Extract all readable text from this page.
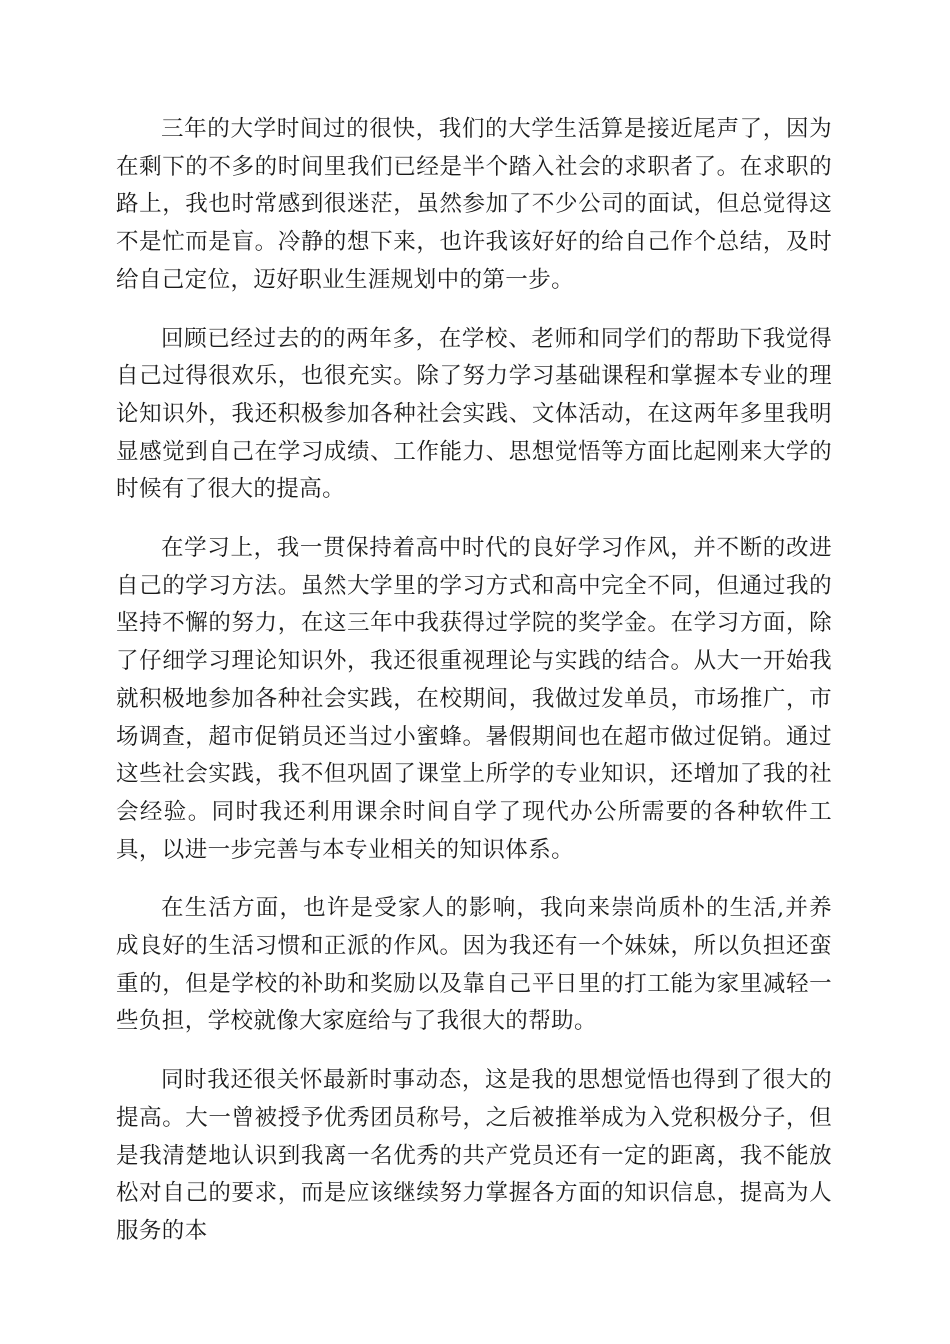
三年的大学时间过的很快，我们的大学生活算是接近尾声了，因为在剩下的不多的时间里我们已经是半个踏入社会的求职者了。在求职的路上，我也时常感到很迷茫，虽然参加了不少公司的面试，但总觉得这不是忙而是盲。冷静的想下来，也许我该好好的给自己作个总结，及时给自己定位，迈好职业生涯规划中的第一步。

回顾已经过去的的两年多，在学校、老师和同学们的帮助下我觉得自己过得很欢乐，也很充实。除了努力学习基础课程和掌握本专业的理论知识外，我还积极参加各种社会实践、文体活动，在这两年多里我明显感觉到自己在学习成绩、工作能力、思想觉悟等方面比起刚来大学的时候有了很大的提高。

在学习上，我一贯保持着高中时代的良好学习作风，并不断的改进自己的学习方法。虽然大学里的学习方式和高中完全不同，但通过我的坚持不懈的努力，在这三年中我获得过学院的奖学金。在学习方面，除了仔细学习理论知识外，我还很重视理论与实践的结合。从大一开始我就积极地参加各种社会实践，在校期间，我做过发单员，市场推广，市场调查，超市促销员还当过小蜜蜂。暑假期间也在超市做过促销。通过这些社会实践，我不但巩固了课堂上所学的专业知识，还增加了我的社会经验。同时我还利用课余时间自学了现代办公所需要的各种软件工具，以进一步完善与本专业相关的知识体系。

在生活方面，也许是受家人的影响，我向来崇尚质朴的生活,并养成良好的生活习惯和正派的作风。因为我还有一个妹妹，所以负担还蛮重的，但是学校的补助和奖励以及靠自己平日里的打工能为家里减轻一些负担，学校就像大家庭给与了我很大的帮助。

同时我还很关怀最新时事动态，这是我的思想觉悟也得到了很大的提高。大一曾被授予优秀团员称号，之后被推举成为入党积极分子，但是我清楚地认识到我离一名优秀的共产党员还有一定的距离，我不能放松对自己的要求，而是应该继续努力掌握各方面的知识信息，提高为人服务的本
